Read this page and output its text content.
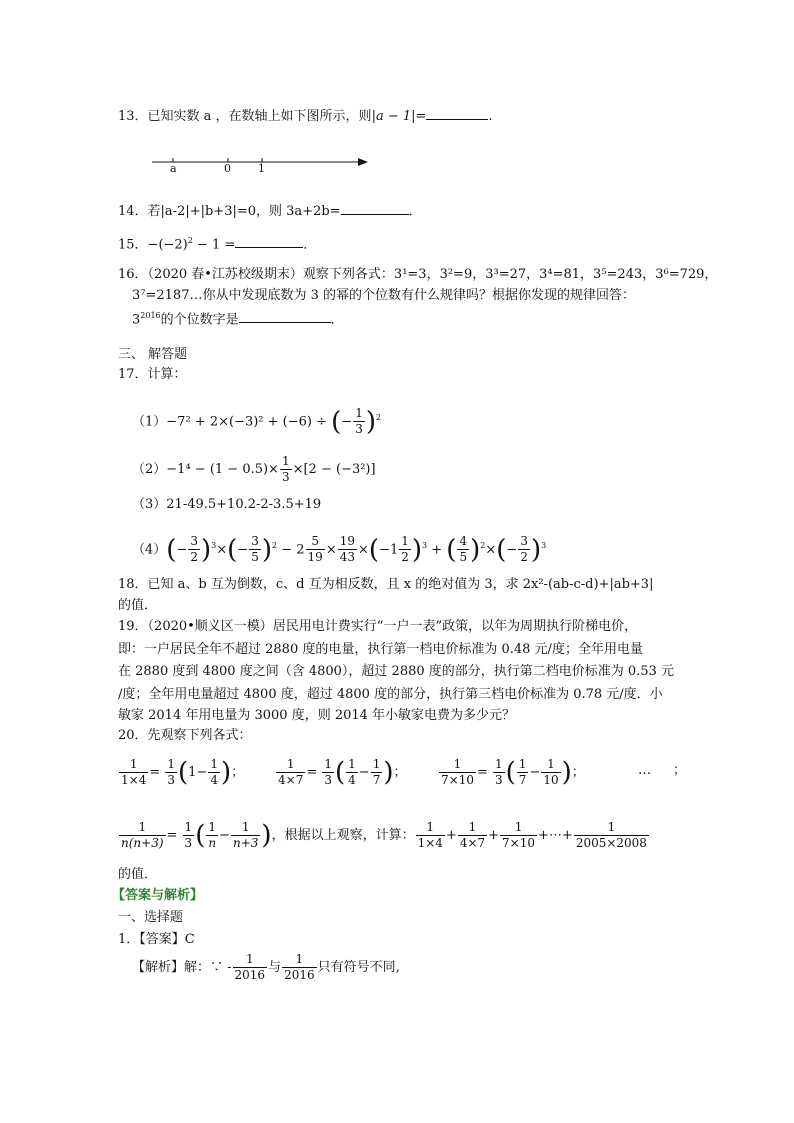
13．已知实数 a ，在数轴上如下图所示，则|a − 1|=	.
a	0 1
14．若|a-2|+|b+3|=0，则 3a+2b=	．
15．$-(-2)^2 - 1$ =	．
16．（2020 春•江苏校级期末）观察下列各式：3¹=3，3²=9，3³=27，3⁴=81，3⁵=243，3⁶=729，
3⁷=2187…你从中发现底数为 3 的幂的个位数有什么规律吗？根据你发现的规律回答：
$3^{2016}$的个位数字是	．
三、 解答题
17．计算：
（1）−7² + 2×(−3)² + (−6) ÷ (− $\frac{1}{3} )^2$
$(2)-1^4 - (1 - 0.5)\times \frac{1}{3} \times[2 - (-3^2)]$
（3）21-49.5+10.2-2-3.5+19
$(4)(- \frac{3}{2} )^3\times(- \frac{3}{5} )^2 - 2 \frac{5}{19} \times \frac{19}{43} \times(-1 \frac{1}{2} )^3$ + ( $\frac{4}{5} )^2\times(- \frac{3}{2} )^3$
18．已知 a、b 互为倒数，c、d 互为相反数，且 x 的绝对值为 3，求 2x²-(ab-c-d)+|ab+3|
的值．
19．（2020•顺义区一模）居民用电计费实行“一户一表”政策，以年为周期执行阶梯电价，
即：一户居民全年不超过 2880 度的电量，执行第一档电价标准为 0.48 元/度；全年用电量
在 2880 度到 4800 度之间（含 4800），超过 2880 度的部分，执行第二档电价标准为 0.53 元
/度；全年用电量超过 4800 度，超过 4800 度的部分，执行第三档电价标准为 0.78 元/度．小
敏家 2014 年用电量为 3000 度，则 2014 年小敏家电费为多少元？
20．先观察下列各式：
$\frac{1}{1\times 4} = \frac{1}{3} (1- \frac{1}{4}$ )；	$\frac{1}{4\times 7} = \frac{1}{3}$ ( $\frac{1}{4} - \frac{1}{7}$ )；	$\frac{1}{7\times 10} = \frac{1}{3}$ ( $\frac{1}{7} - \frac{1}{10}$ )；	… ；
$\frac{1}{n(n+3)} = \frac{1}{3}$ ( $\frac{1}{n} - \frac{1}{n+3}$ )，根据以上观察，计算： $\frac{1}{1\times 4} + \frac{1}{4\times 7} + \frac{1}{7\times 10}$ +⋯+ $\frac{1}{2005\times 2008}$
的值．
【答案与解析】
一、选择题
1．【答案】C
【解析】解：∵ - $\frac{1}{2016}$ 与 $\frac{1}{2016}$ 只有符号不同,
